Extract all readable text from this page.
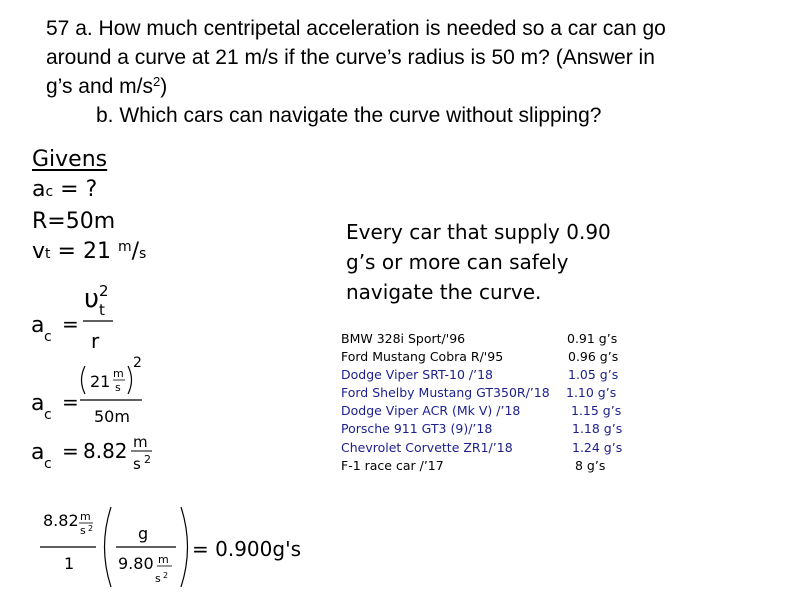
57 a. How much centripetal acceleration is needed so a car can go
around a curve at 21 m/s if the curve’s radius is 50 m? (Answer in
g’s and $m/s^2$)
b. Which cars can navigate the curve without slipping?
Givens
ac = ?
R=50m
vt = 21 $^m$/s
a c
=
υ 2
t
r
a c
=
21 m
s
2
50m
a c
= 8.82 m
s 2
8.82 m
s 2
1
g
9.80 m
s 2
= 0.900g's
Every car that supply 0.90
g’s or more can safely
navigate the curve.
BMW 328i Sport/'96	0.91 g’s
Ford Mustang Cobra R/'95	0.96 g’s
Dodge Viper SRT-10 /’18	1.05 g’s
Ford Shelby Mustang GT350R/’18 1.10 g’s
Dodge Viper ACR (Mk V) /’18	1.15 g’s
Porsche 911 GT3 (9)/’18	1.18 g’s
Chevrolet Corvette ZR1/’18	1.24 g’s
F-1 race car /’17	8 g’s
